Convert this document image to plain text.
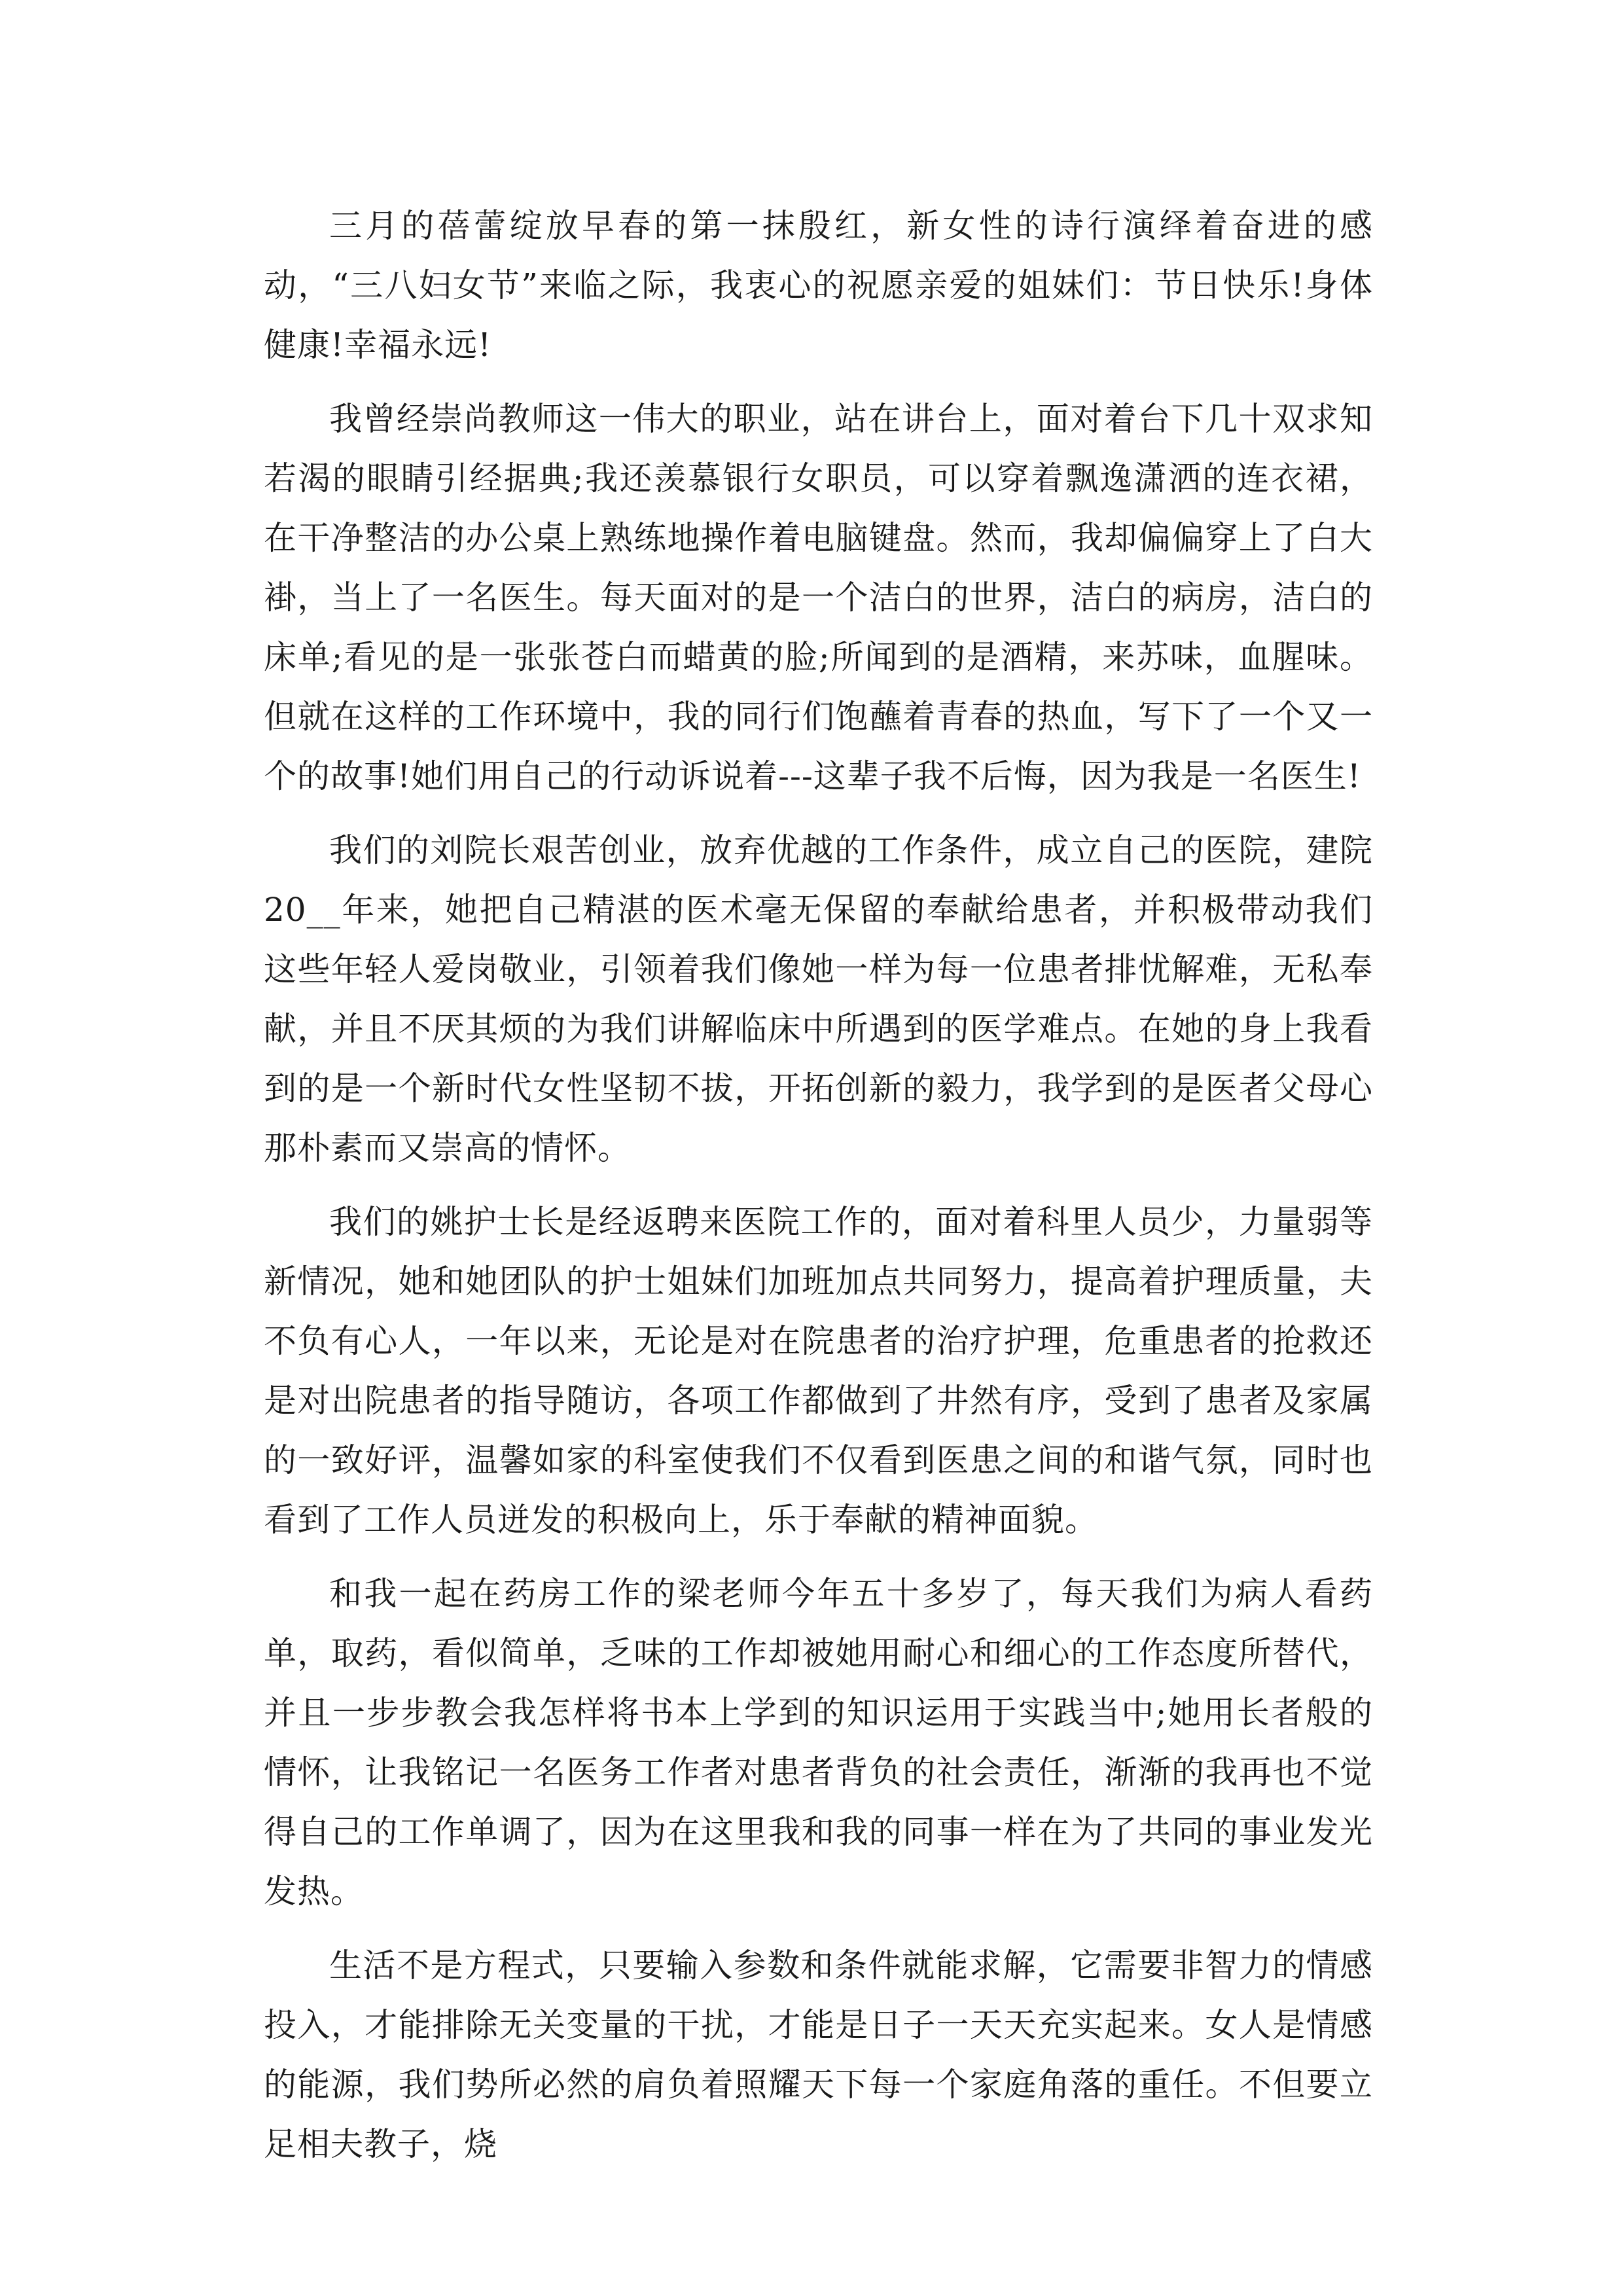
三月的蓓蕾绽放早春的第一抹殷红，新女性的诗行演绎着奋进的感动，“三八妇女节”来临之际，我衷心的祝愿亲爱的姐妹们：节日快乐!身体健康!幸福永远!

我曾经崇尚教师这一伟大的职业，站在讲台上，面对着台下几十双求知若渴的眼睛引经据典;我还羡慕银行女职员，可以穿着飘逸潇洒的连衣裙，在干净整洁的办公桌上熟练地操作着电脑键盘。然而，我却偏偏穿上了白大褂，当上了一名医生。每天面对的是一个洁白的世界，洁白的病房，洁白的床单;看见的是一张张苍白而蜡黄的脸;所闻到的是酒精，来苏味，血腥味。但就在这样的工作环境中，我的同行们饱蘸着青春的热血，写下了一个又一个的故事!她们用自己的行动诉说着---这辈子我不后悔，因为我是一名医生!

我们的刘院长艰苦创业，放弃优越的工作条件，成立自己的医院，建院20__年来，她把自己精湛的医术毫无保留的奉献给患者，并积极带动我们这些年轻人爱岗敬业，引领着我们像她一样为每一位患者排忧解难，无私奉献，并且不厌其烦的为我们讲解临床中所遇到的医学难点。在她的身上我看到的是一个新时代女性坚韧不拔，开拓创新的毅力，我学到的是医者父母心那朴素而又崇高的情怀。

我们的姚护士长是经返聘来医院工作的，面对着科里人员少，力量弱等新情况，她和她团队的护士姐妹们加班加点共同努力，提高着护理质量，夫不负有心人，一年以来，无论是对在院患者的治疗护理，危重患者的抢救还是对出院患者的指导随访，各项工作都做到了井然有序，受到了患者及家属的一致好评，温馨如家的科室使我们不仅看到医患之间的和谐气氛，同时也看到了工作人员迸发的积极向上，乐于奉献的精神面貌。

和我一起在药房工作的梁老师今年五十多岁了，每天我们为病人看药单，取药，看似简单，乏味的工作却被她用耐心和细心的工作态度所替代，并且一步步教会我怎样将书本上学到的知识运用于实践当中;她用长者般的情怀，让我铭记一名医务工作者对患者背负的社会责任，渐渐的我再也不觉得自己的工作单调了，因为在这里我和我的同事一样在为了共同的事业发光发热。

生活不是方程式，只要输入参数和条件就能求解，它需要非智力的情感投入，才能排除无关变量的干扰，才能是日子一天天充实起来。女人是情感的能源，我们势所必然的肩负着照耀天下每一个家庭角落的重任。不但要立足相夫教子，烧
